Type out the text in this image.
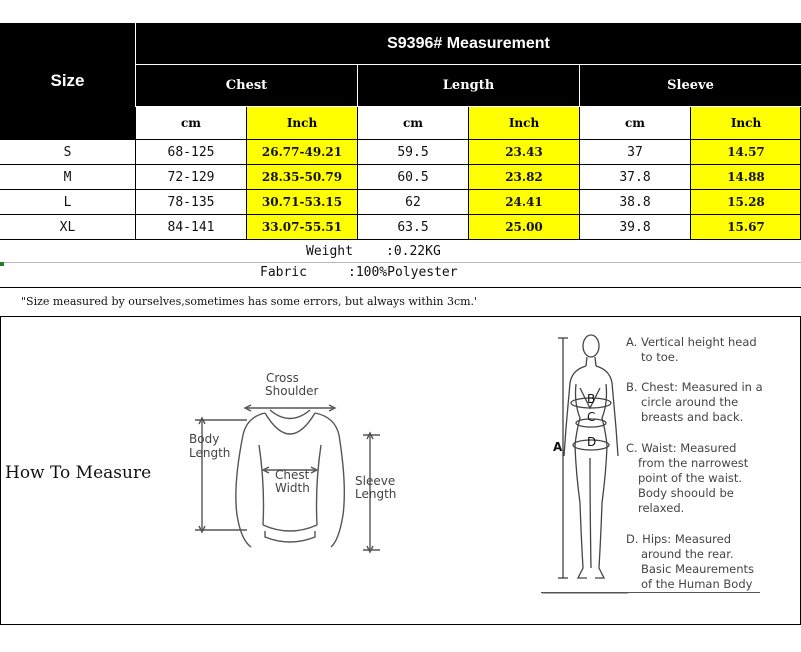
Size
S9396# Measurement
Chest	Length	Sleeve
cm	Inch	cm	Inch	cm	Inch
S	68-125	26.77-49.21	59.5	23.43	37	14.57
M	72-129	28.35-50.79	60.5	23.82	37.8	14.88
L	78-135	30.71-53.15	62	24.41	38.8	15.28
XL	84-141	33.07-55.51	63.5	25.00	39.8	15.67
Weight	:0.22KG
Fabric	:100%Polyester
"Size measured by ourselves,sometimes has some errors, but always within 3cm.'
How To Measure
Cross
Shoulder
Body
Length
Chest
Width	Sleeve
Length
A
B
C
D
A. Vertical height head
to toe.
B. Chest: Measured in a
circle around the
breasts and back.
C. Waist: Measured
from the narrowest
point of the waist.
Body shoould be
relaxed.
D. Hips: Measured
around the rear.
Basic Meaurements
of the Human Body
